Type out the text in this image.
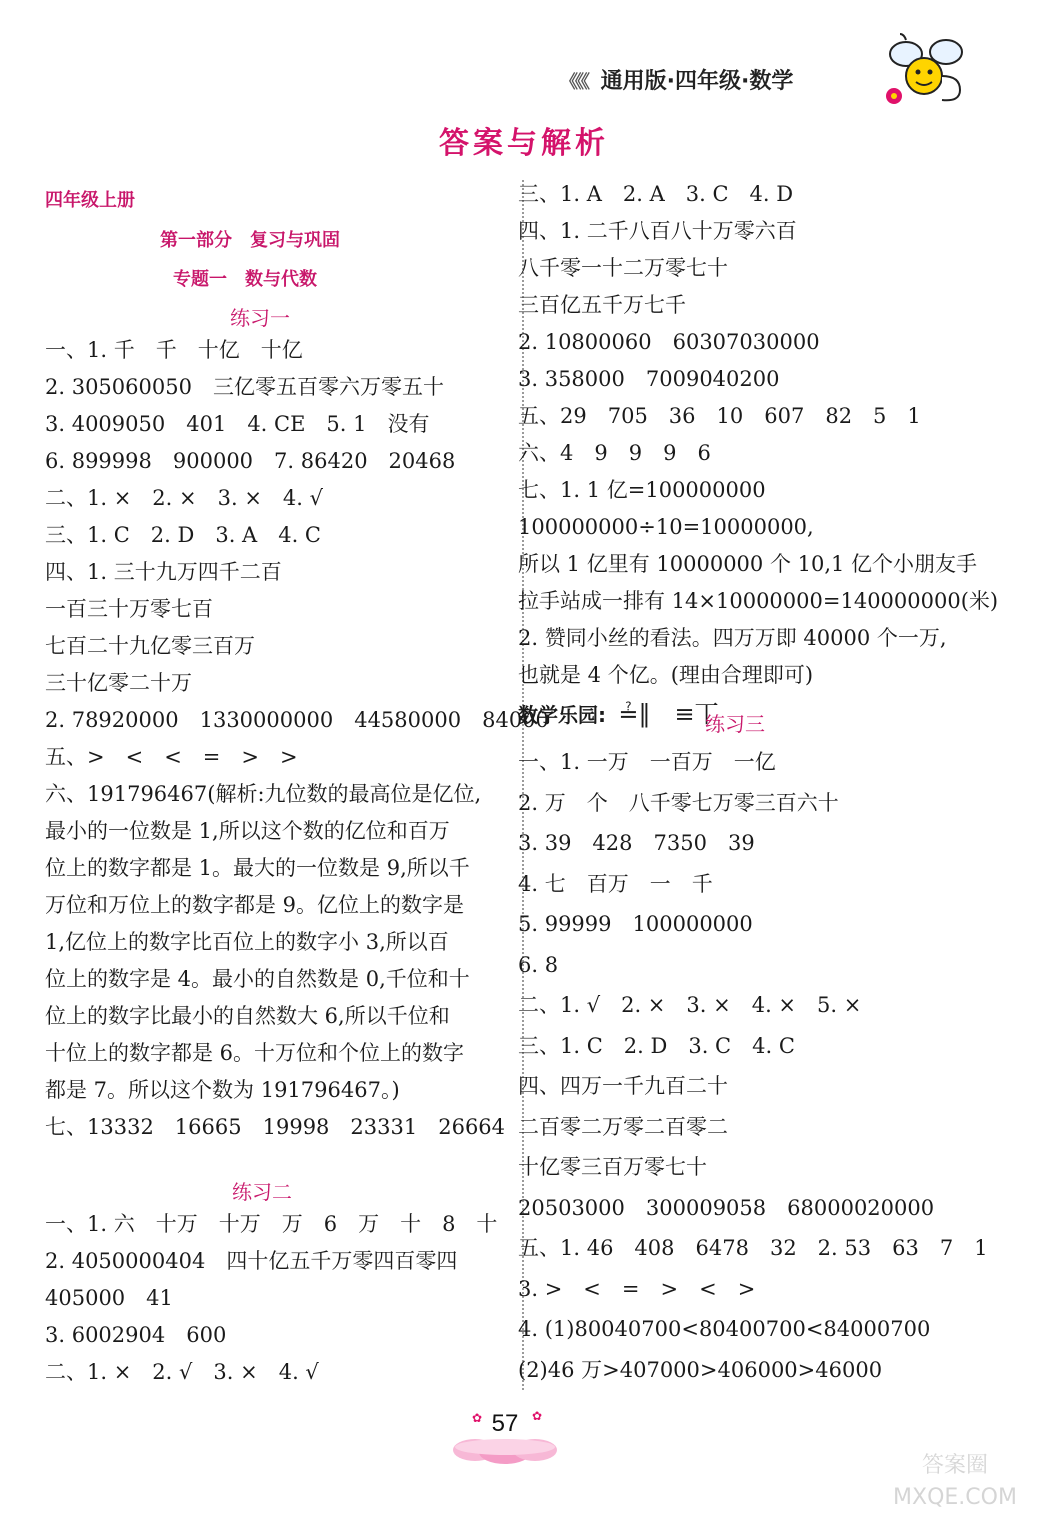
《《《 通用版·四年级·数学
答案与解析
四年级上册
第一部分　复习与巩固
专题一　数与代数
练习一
一、1. 千　千　十亿　十亿
2. 305060050　三亿零五百零六万零五十
3. 4009050　401　4. CE　5. 1　没有
6. 899998　900000　7. 86420　20468
二、1. ×　2. ×　3. ×　4. √
三、1. C　2. D　3. A　4. C
四、1. 三十九万四千二百
一百三十万零七百
七百二十九亿零三百万
三十亿零二十万
2. 78920000　1330000000　44580000　84000
五、>　<　<　=　>　>
六、191796467(解析:九位数的最高位是亿位,
最小的一位数是 1,所以这个数的亿位和百万
位上的数字都是 1。最大的一位数是 9,所以千
万位和万位上的数字都是 9。亿位上的数字是
1,亿位上的数字比百位上的数字小 3,所以百
位上的数字是 4。最小的自然数是 0,千位和十
位上的数字比最小的自然数大 6,所以千位和
十位上的数字都是 6。十万位和个位上的数字
都是 7。所以这个数为 191796467。)
七、13332　16665　19998　23331　26664
练习二
一、1. 六　十万　十万　万　6　万　十　8　十
2. 4050000404　四十亿五千万零四百零四
405000　41
3. 6002904　600
二、1. ×　2. √　3. ×　4. √
三、1. A　2. A　3. C　4. D
四、1. 二千八百八十万零六百
八千零一十二万零七十
三百亿五千万七千
2. 10800060　60307030000
3. 358000　7009040200
五、29　705　36　10　607　82　5　1
六、4　9　9　9　6
七、1. 1 亿=100000000　100000000÷10=10000000,
所以 1 亿里有 10000000 个 10,1 亿个小朋友手
拉手站成一排有 14×10000000=140000000(米)
2. 赞同小丝的看法。四万万即 40000 个一万,
也就是 4 个亿。(理由合理即可)
数学乐园: ≟‖　≡丅
练习三
一、1. 一万　一百万　一亿
2. 万　个　八千零七万零三百六十
3. 39　428　7350　39
4. 七　百万　一　千
5. 99999　100000000
6. 8
二、1. √　2. ×　3. ×　4. ×　5. ×
三、1. C　2. D　3. C　4. C
四、四万一千九百二十
二百零二万零二百零二
十亿零三百万零七十
20503000　300009058　68000020000
五、1. 46　408　6478　32　2. 53　63　7　1
3. >　<　=　>　<　>
4. (1)80040700<80400700<84000700
(2)46 万>407000>406000>46000
✿	✿
57
答案圈 MXQE.COM
